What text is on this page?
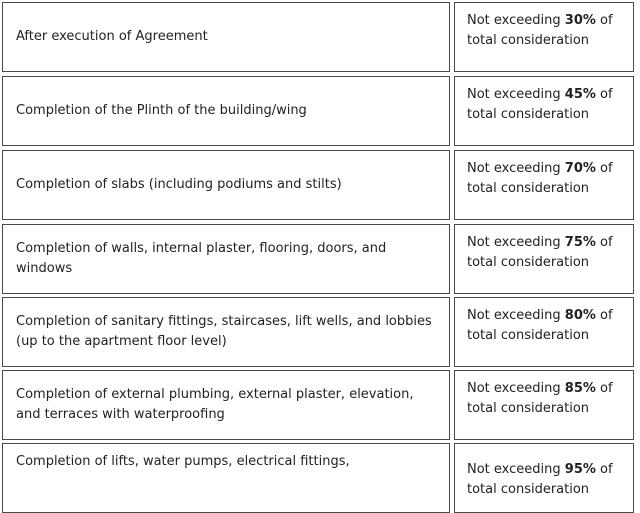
After execution of Agreement
Not exceeding 30% of
total consideration
Completion of the Plinth of the building/wing
Not exceeding 45% of
total consideration
Completion of slabs (including podiums and stilts)
Not exceeding 70% of
total consideration
Completion of walls, internal plaster, flooring, doors, and windows
Not exceeding 75% of
total consideration
Completion of sanitary fittings, staircases, lift wells, and lobbies (up to the apartment floor level)
Not exceeding 80% of
total consideration
Completion of external plumbing, external plaster, elevation, and terraces with waterproofing
Not exceeding 85% of
total consideration
Completion of lifts, water pumps, electrical fittings,
Not exceeding 95% of
total consideration
